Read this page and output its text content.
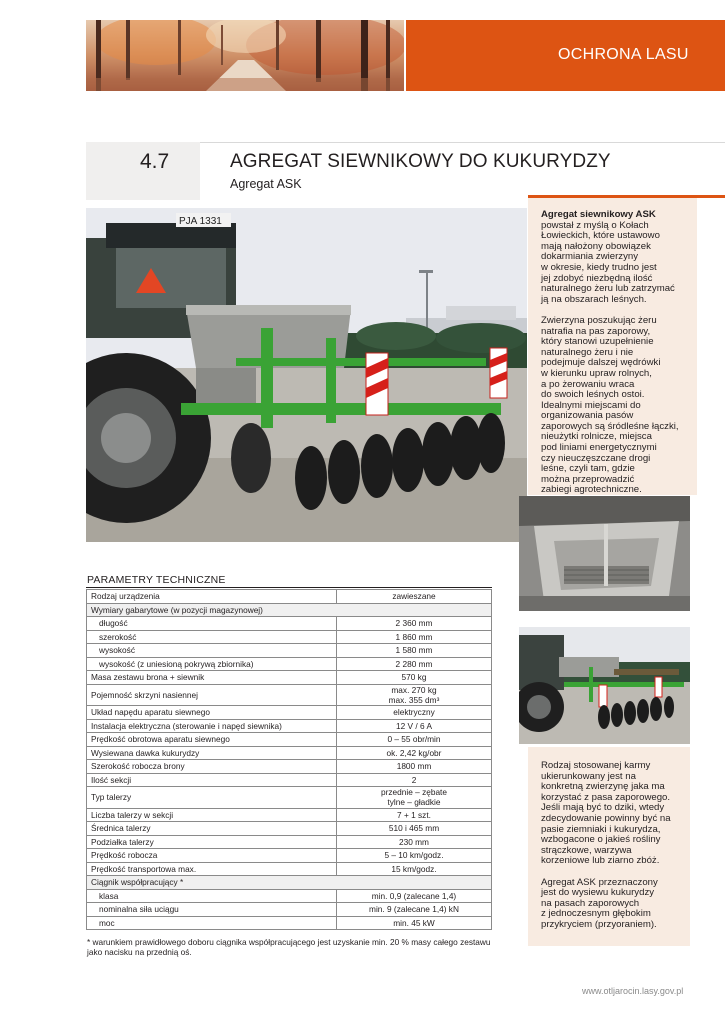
OCHRONA LASU
4.7	AGREGAT SIEWNIKOWY DO KUKURYDZY
Agregat ASK
PJA 1331

Agregat siewnikowy ASK
powstał z myślą o Kołach
Łowieckich, które ustawowo
mają nałożony obowiązek
dokarmiania zwierzyny
w okresie, kiedy trudno jest
jej zdobyć niezbędną ilość
naturalnego żeru lub zatrzymać
ją na obszarach leśnych.

Zwierzyna poszukując żeru
natrafia na pas zaporowy,
który stanowi uzupełnienie
naturalnego żeru i nie
podejmuje dalszej wędrówki
w kierunku upraw rolnych,
a po żerowaniu wraca
do swoich leśnych ostoi.
Idealnymi miejscami do
organizowania pasów
zaporowych są śródleśne łączki,
nieużytki rolnicze, miejsca
pod liniami energetycznymi
czy nieuczęszczane drogi
leśne, czyli tam, gdzie
można przeprowadzić
zabiegi agrotechniczne.

Rodzaj stosowanej karmy
ukierunkowany jest na
konkretną zwierzynę jaka ma
korzystać z pasa zaporowego.
Jeśli mają być to dziki, wtedy
zdecydowanie powinny być na
pasie ziemniaki i kukurydza,
wzbogacone o jakieś rośliny
strączkowe, warzywa
korzeniowe lub ziarno zbóż.

Agregat ASK przeznaczony
jest do wysiewu kukurydzy
na pasach zaporowych
z jednoczesnym głębokim
przykryciem (przyoraniem).

PARAMETRY TECHNICZNE
Rodzaj urządzenia	zawieszane
Wymiary gabarytowe (w pozycji magazynowej)	
długość	2 360 mm
szerokość	1 860 mm
wysokość	1 580 mm
wysokość (z uniesioną pokrywą zbiornika)	2 280 mm
Masa zestawu brona + siewnik	570 kg
Pojemność skrzyni nasiennej	max. 270 kg
max. 355 dm³
Układ napędu aparatu siewnego	elektryczny
Instalacja elektryczna (sterowanie i napęd siewnika)	12 V / 6 A
Prędkość obrotowa aparatu siewnego	0 – 55 obr/min
Wysiewana dawka kukurydzy	ok. 2,42 kg/obr
Szerokość robocza brony	1800 mm
Ilość sekcji	2
Typ talerzy	przednie – zębate
tylne – gładkie
Liczba talerzy w sekcji	7 + 1 szt.
Średnica talerzy	510 i 465 mm
Podziałka talerzy	230 mm
Prędkość robocza	5 – 10 km/godz.
Prędkość transportowa max.	15 km/godz.
Ciągnik współpracujący *	
klasa	min. 0,9 (zalecane 1,4)
nominalna siła uciągu	min. 9 (zalecane 1,4) kN
moc	min. 45 kW
* warunkiem prawidłowego doboru ciągnika współpracującego jest uzyskanie min. 20 % masy całego zestawu jako nacisku na przednią oś.
www.otljarocin.lasy.gov.pl
